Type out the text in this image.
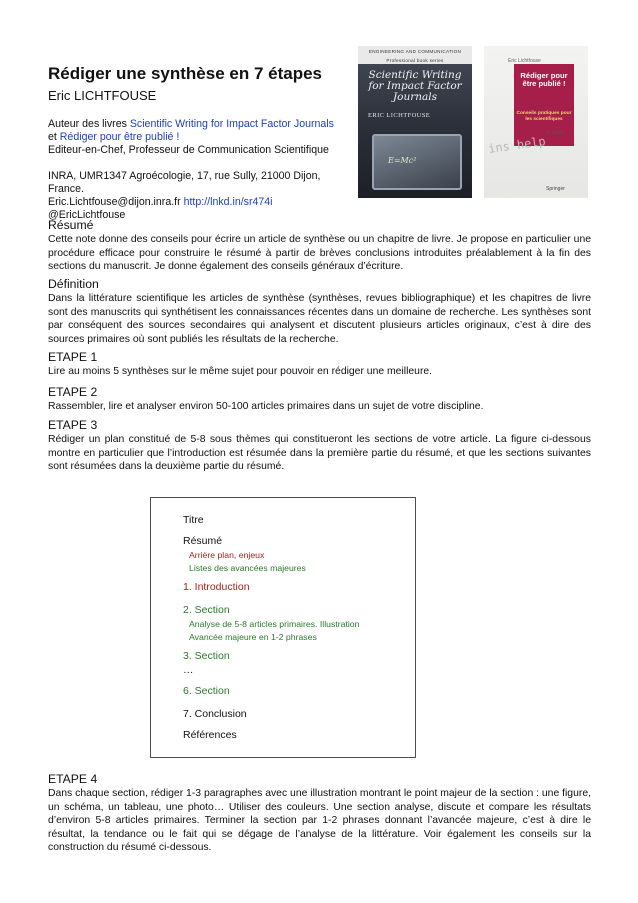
Rédiger une synthèse en 7 étapes
Eric LICHTFOUSE
Auteur des livres Scientific Writing for Impact Factor Journals
et Rédiger pour être publié !
Editeur-en-Chef, Professeur de Communication Scientifique
INRA, UMR1347 Agroécologie, 17, rue Sully, 21000 Dijon, France.
Eric.Lichtfouse@dijon.inra.fr http://lnkd.in/sr474i @EricLichtfouse
ENGINEERING AND COMMUNICATION
Professional book series
Scientific Writing for Impact Factor Journals
ERIC LICHTFOUSE
E=Mc²
Eric Lichtfouse
Rédiger pour être publié !
Conseils pratiques pour les scientifiques
2e édition
ins help
Springer
Résumé
Cette note donne des conseils pour écrire un article de synthèse ou un chapitre de livre. Je propose en particulier une procédure efficace pour construire le résumé à partir de brèves conclusions introduites préalablement à la fin des sections du manuscrit. Je donne également des conseils généraux d’écriture.
Définition
Dans la littérature scientifique les articles de synthèse (synthèses, revues bibliographique) et les chapitres de livre sont des manuscrits qui synthétisent les connaissances récentes dans un domaine de recherche. Les synthèses sont par conséquent des sources secondaires qui analysent et discutent plusieurs articles originaux, c’est à dire des sources primaires où sont publiés les résultats de la recherche.
ETAPE 1
Lire au moins 5 synthèses sur le même sujet pour pouvoir en rédiger une meilleure.
ETAPE 2
Rassembler, lire et analyser environ 50-100 articles primaires dans un sujet de votre discipline.
ETAPE 3
Rédiger un plan constitué de 5-8 sous thèmes qui constitueront les sections de votre article. La figure ci-dessous montre en particulier que l’introduction est résumée dans la première partie du résumé, et que les sections suivantes sont résumées dans la deuxième partie du résumé.
Titre
Résumé
Arrière plan, enjeux
Listes des avancées majeures
1. Introduction
2. Section
Analyse de 5-8 articles primaires. Illustration
Avancée majeure en 1-2 phrases
3. Section
…
6. Section
7. Conclusion
Références
ETAPE 4
Dans chaque section, rédiger 1-3 paragraphes avec une illustration montrant le point majeur de la section : une figure, un schéma, un tableau, une photo… Utiliser des couleurs. Une section analyse, discute et compare les résultats d’environ 5-8 articles primaires. Terminer la section par 1-2 phrases donnant l’avancée majeure, c’est à dire le résultat, la tendance ou le fait qui se dégage de l’analyse de la littérature. Voir également les conseils sur la construction du résumé ci-dessous.
